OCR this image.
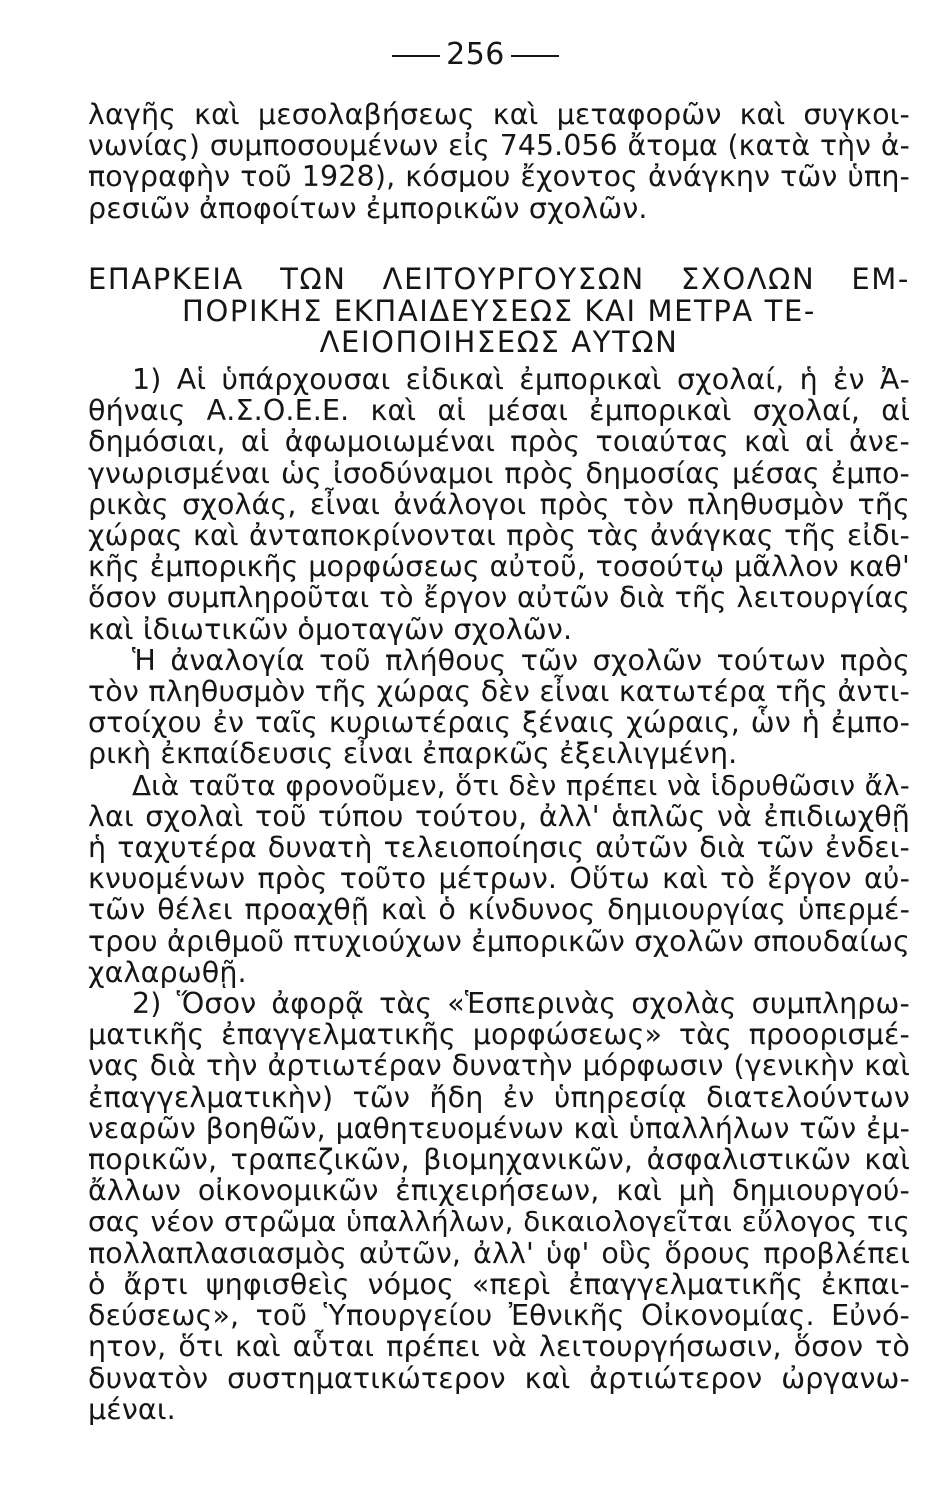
256
λαγῆς καὶ μεσολαβήσεως καὶ μεταφορῶν καὶ συγκοι-
νωνίας) συμποσουμένων εἰς 745.056 ἄτομα (κατὰ τὴν ἀ-
πογραφὴν τοῦ 1928), κόσμου ἔχοντος ἀνάγκην τῶν ὑπη-
ρεσιῶν ἀποφοίτων ἐμπορικῶν σχολῶν.
ΕΠΑΡΚΕΙΑ ΤΩΝ ΛΕΙΤΟΥΡΓΟΥΣΩΝ ΣΧΟΛΩΝ ΕΜ-
ΠΟΡΙΚΗΣ ΕΚΠΑΙΔΕΥΣΕΩΣ ΚΑΙ ΜΕΤΡΑ ΤΕ-
ΛΕΙΟΠΟΙΗΣΕΩΣ ΑΥΤΩΝ
1) Αἱ ὑπάρχουσαι εἰδικαὶ ἐμπορικαὶ σχολαί, ἡ ἐν Ἀ-
θήναις Α.Σ.Ο.Ε.Ε. καὶ αἱ μέσαι ἐμπορικαὶ σχολαί, αἱ
δημόσιαι, αἱ ἀφωμοιωμέναι πρὸς τοιαύτας καὶ αἱ ἀνε-
γνωρισμέναι ὡς ἰσοδύναμοι πρὸς δημοσίας μέσας ἐμπο-
ρικὰς σχολάς, εἶναι ἀνάλογοι πρὸς τὸν πληθυσμὸν τῆς
χώρας καὶ ἀνταποκρίνονται πρὸς τὰς ἀνάγκας τῆς εἰδι-
κῆς ἐμπορικῆς μορφώσεως αὐτοῦ, τοσούτῳ μᾶλλον καθ'
ὅσον συμπληροῦται τὸ ἔργον αὐτῶν διὰ τῆς λειτουργίας
καὶ ἰδιωτικῶν ὁμοταγῶν σχολῶν.
Ἡ ἀναλογία τοῦ πλήθους τῶν σχολῶν τούτων πρὸς
τὸν πληθυσμὸν τῆς χώρας δὲν εἶναι κατωτέρα τῆς ἀντι-
στοίχου ἐν ταῖς κυριωτέραις ξέναις χώραις, ὧν ἡ ἐμπο-
ρικὴ ἐκπαίδευσις εἶναι ἐπαρκῶς ἐξειλιγμένη.
Διὰ ταῦτα φρονοῦμεν, ὅτι δὲν πρέπει νὰ ἱδρυθῶσιν ἄλ-
λαι σχολαὶ τοῦ τύπου τούτου, ἀλλ' ἁπλῶς νὰ ἐπιδιωχθῇ
ἡ ταχυτέρα δυνατὴ τελειοποίησις αὐτῶν διὰ τῶν ἐνδει-
κνυομένων πρὸς τοῦτο μέτρων. Οὕτω καὶ τὸ ἔργον αὐ-
τῶν θέλει προαχθῇ καὶ ὁ κίνδυνος δημιουργίας ὑπερμέ-
τρου ἀριθμοῦ πτυχιούχων ἐμπορικῶν σχολῶν σπουδαίως
χαλαρωθῇ.
2) Ὅσον ἀφορᾷ τὰς «Ἑσπερινὰς σχολὰς συμπληρω-
ματικῆς ἐπαγγελματικῆς μορφώσεως» τὰς προορισμέ-
νας διὰ τὴν ἀρτιωτέραν δυνατὴν μόρφωσιν (γενικὴν καὶ
ἐπαγγελματικὴν) τῶν ἤδη ἐν ὑπηρεσίᾳ διατελούντων
νεαρῶν βοηθῶν, μαθητευομένων καὶ ὑπαλλήλων τῶν ἐμ-
πορικῶν, τραπεζικῶν, βιομηχανικῶν, ἀσφαλιστικῶν καὶ
ἄλλων οἰκονομικῶν ἐπιχειρήσεων, καὶ μὴ δημιουργού-
σας νέον στρῶμα ὑπαλλήλων, δικαιολογεῖται εὔλογος τις
πολλαπλασιασμὸς αὐτῶν, ἀλλ' ὑφ' οὓς ὅρους προβλέπει
ὁ ἄρτι ψηφισθεὶς νόμος «περὶ ἐπαγγελματικῆς ἐκπαι-
δεύσεως», τοῦ Ὑπουργείου Ἐθνικῆς Οἰκονομίας. Εὐνό-
ητον, ὅτι καὶ αὗται πρέπει νὰ λειτουργήσωσιν, ὅσον τὸ
δυνατὸν συστηματικώτερον καὶ ἀρτιώτερον ὠργανω-
μέναι.
